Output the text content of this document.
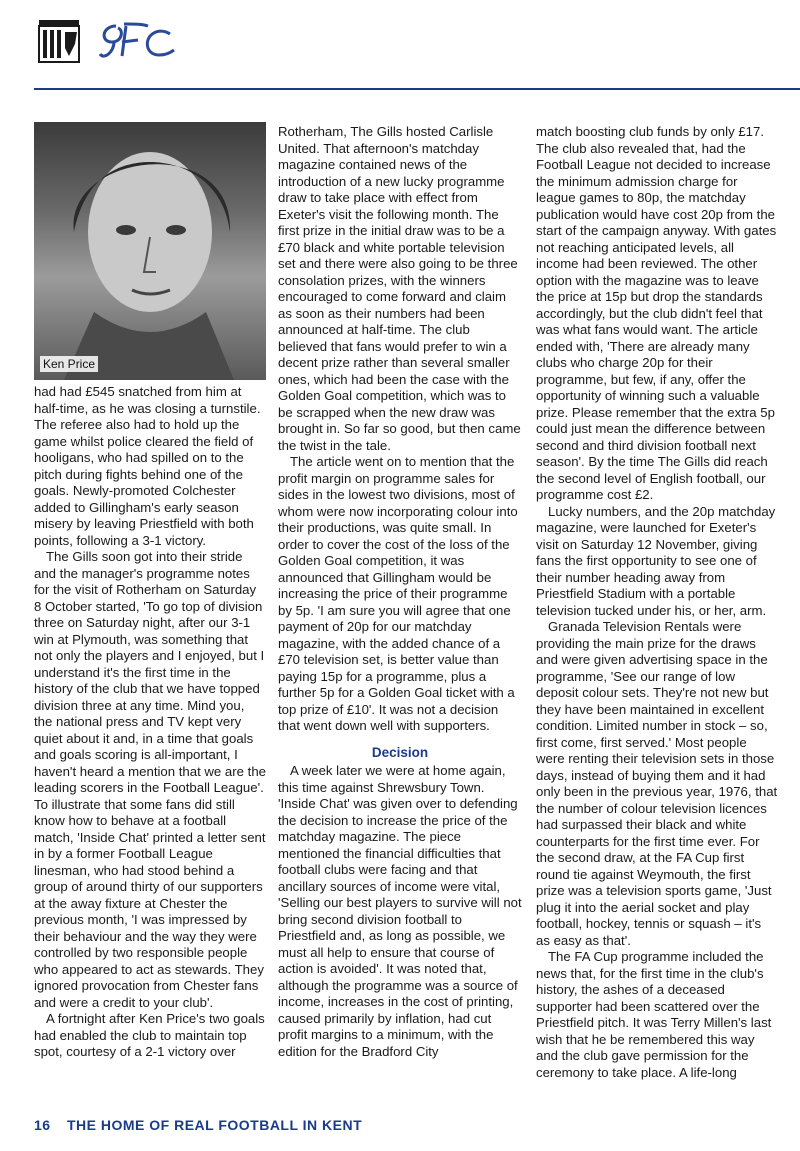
Ken Price

had had £545 snatched from him at half-time, as he was closing a turnstile. The referee also had to hold up the game whilst police cleared the field of hooligans, who had spilled on to the pitch during fights behind one of the goals. Newly-promoted Colchester added to Gillingham's early season misery by leaving Priestfield with both points, following a 3-1 victory.

The Gills soon got into their stride and the manager's programme notes for the visit of Rotherham on Saturday 8 October started, 'To go top of division three on Saturday night, after our 3-1 win at Plymouth, was something that not only the players and I enjoyed, but I understand it's the first time in the history of the club that we have topped division three at any time. Mind you, the national press and TV kept very quiet about it and, in a time that goals and goals scoring is all-important, I haven't heard a mention that we are the leading scorers in the Football League'. To illustrate that some fans did still know how to behave at a football match, 'Inside Chat' printed a letter sent in by a former Football League linesman, who had stood behind a group of around thirty of our supporters at the away fixture at Chester the previous month, 'I was impressed by their behaviour and the way they were controlled by two responsible people who appeared to act as stewards. They ignored provocation from Chester fans and were a credit to your club'.

A fortnight after Ken Price's two goals had enabled the club to maintain top spot, courtesy of a 2-1 victory over

Rotherham, The Gills hosted Carlisle United. That afternoon's matchday magazine contained news of the introduction of a new lucky programme draw to take place with effect from Exeter's visit the following month. The first prize in the initial draw was to be a £70 black and white portable television set and there were also going to be three consolation prizes, with the winners encouraged to come forward and claim as soon as their numbers had been announced at half-time. The club believed that fans would prefer to win a decent prize rather than several smaller ones, which had been the case with the Golden Goal competition, which was to be scrapped when the new draw was brought in. So far so good, but then came the twist in the tale.

The article went on to mention that the profit margin on programme sales for sides in the lowest two divisions, most of whom were now incorporating colour into their productions, was quite small. In order to cover the cost of the loss of the Golden Goal competition, it was announced that Gillingham would be increasing the price of their programme by 5p. 'I am sure you will agree that one payment of 20p for our matchday magazine, with the added chance of a £70 television set, is better value than paying 15p for a programme, plus a further 5p for a Golden Goal ticket with a top prize of £10'. It was not a decision that went down well with supporters.

Decision

A week later we were at home again, this time against Shrewsbury Town. 'Inside Chat' was given over to defending the decision to increase the price of the matchday magazine. The piece mentioned the financial difficulties that football clubs were facing and that ancillary sources of income were vital, 'Selling our best players to survive will not bring second division football to Priestfield and, as long as possible, we must all help to ensure that course of action is avoided'. It was noted that, although the programme was a source of income, increases in the cost of printing, caused primarily by inflation, had cut profit margins to a minimum, with the edition for the Bradford City

match boosting club funds by only £17. The club also revealed that, had the Football League not decided to increase the minimum admission charge for league games to 80p, the matchday publication would have cost 20p from the start of the campaign anyway. With gates not reaching anticipated levels, all income had been reviewed. The other option with the magazine was to leave the price at 15p but drop the standards accordingly, but the club didn't feel that was what fans would want. The article ended with, 'There are already many clubs who charge 20p for their programme, but few, if any, offer the opportunity of winning such a valuable prize. Please remember that the extra 5p could just mean the difference between second and third division football next season'. By the time The Gills did reach the second level of English football, our programme cost £2.

Lucky numbers, and the 20p matchday magazine, were launched for Exeter's visit on Saturday 12 November, giving fans the first opportunity to see one of their number heading away from Priestfield Stadium with a portable television tucked under his, or her, arm.

Granada Television Rentals were providing the main prize for the draws and were given advertising space in the programme, 'See our range of low deposit colour sets. They're not new but they have been maintained in excellent condition. Limited number in stock – so, first come, first served.' Most people were renting their television sets in those days, instead of buying them and it had only been in the previous year, 1976, that the number of colour television licences had surpassed their black and white counterparts for the first time ever. For the second draw, at the FA Cup first round tie against Weymouth, the first prize was a television sports game, 'Just plug it into the aerial socket and play football, hockey, tennis or squash – it's as easy as that'.

The FA Cup programme included the news that, for the first time in the club's history, the ashes of a deceased supporter had been scattered over the Priestfield pitch. It was Terry Millen's last wish that he be remembered this way and the club gave permission for the ceremony to take place. A life-long

16 THE HOME OF REAL FOOTBALL IN KENT
